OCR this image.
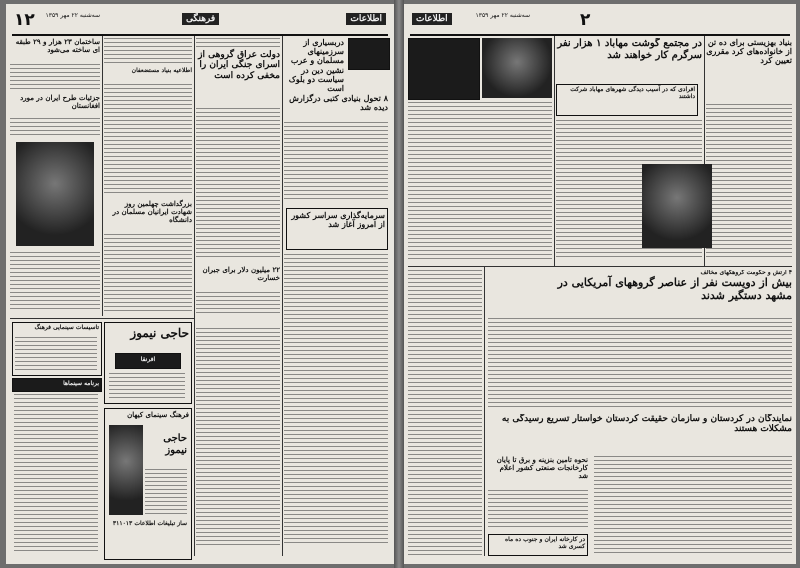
۱۲	سه‌شنبه ۲۲ مهر ۱۳۵۹	فرهنگی	اطلاعات
ساختمان ۲۳ هزار و ۲۹ طبقه ای ساخته می‌شود
جزئیات طرح ایران در مورد افغانستان
اطلاعیه بنیاد مستضعفان
بزرگداشت چهلمین روز شهادت ایرانیان مسلمان در دانشگاه
دولت عراق گروهی از اسرای جنگی ایران را مخفی کرده است
۲۲ میلیون دلار برای جبران خسارت
دربسیاری از سرزمینهای مسلمان و عرب نشین دین در سیاست دو بلوک است
۸ تحول بنیادی کتبی درگزارش دیده شد
سرمایه‌گذاری سراسر کشور از امروز آغاز شد
تاسیسات سینمایی فرهنگ
برنامه سینماها
حاجی نیموز
افرنقا
فرهنگ سینمای کیهان
حاجی نیموز
ساز تبلیغات اطلاعات ۳۱۱۰۱۳
اطلاعات	سه‌شنبه ۲۲ مهر ۱۳۵۹	۲
در مجتمع گوشت مهاباد ۱ هزار نفر سرگرم کار خواهند شد
افرادی که در آسیب دیدگی شهرهای مهاباد شرکت داشتند
بنیاد بهزیستی برای ده تن از خانواده‌های کرد مقرری تعیین کرد
۴ ارتش و حکومت گروهکهای مخالف
بیش از دویست نفر از عناصر گروههای آمریکایی در مشهد دستگیر شدند
نمایندگان در کردستان و سازمان حقیقت کردستان خواستار تسریع رسیدگی به مشکلات هستند
نحوه تامین بنزینه و برق تا پایان کارخانجات صنعتی کشور اعلام شد
در کارخانه ایران و جنوب ده ماه کسری شد
